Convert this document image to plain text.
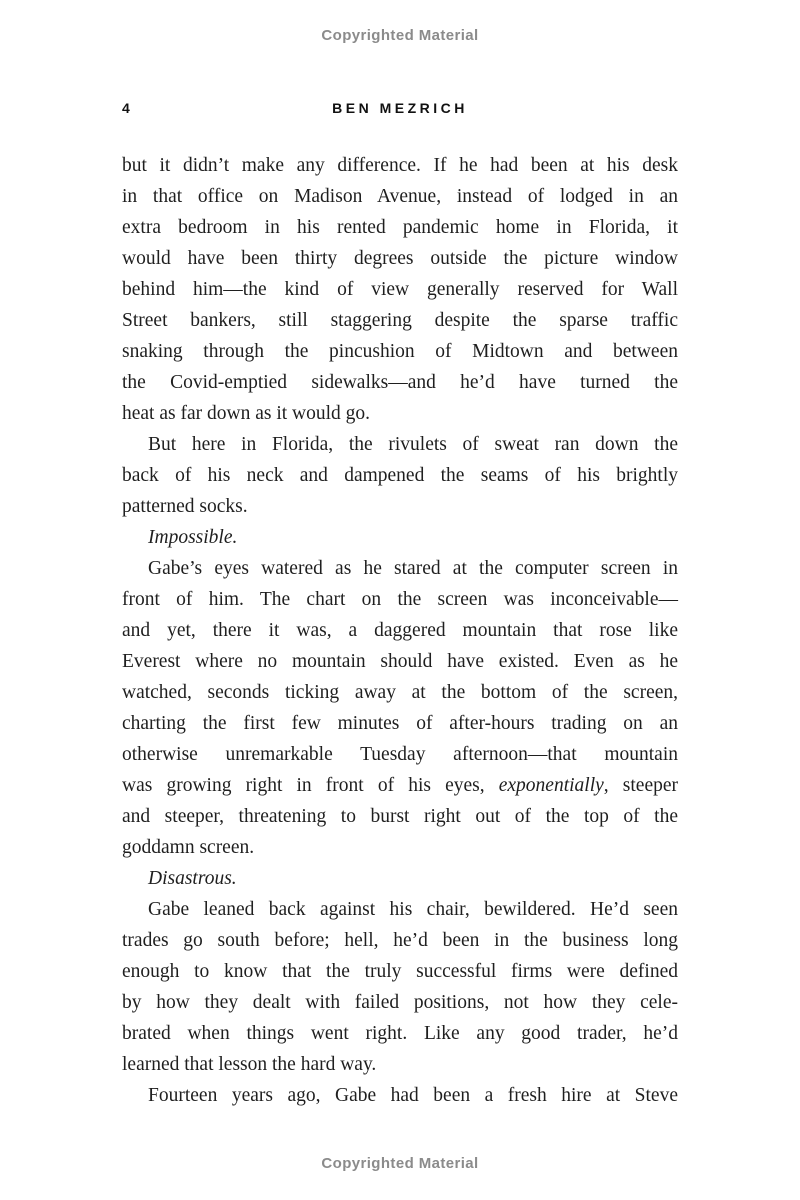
Copyrighted Material
4	BEN MEZRICH
but it didn’t make any difference. If he had been at his desk
in that office on Madison Avenue, instead of lodged in an
extra bedroom in his rented pandemic home in Florida, it
would have been thirty degrees outside the picture window
behind him—the kind of view generally reserved for Wall
Street bankers, still staggering despite the sparse traffic
snaking through the pincushion of Midtown and between
the Covid-emptied sidewalks—and he’d have turned the
heat as far down as it would go.
But here in Florida, the rivulets of sweat ran down the
back of his neck and dampened the seams of his brightly
patterned socks.
Impossible.
Gabe’s eyes watered as he stared at the computer screen in
front of him. The chart on the screen was inconceivable—
and yet, there it was, a daggered mountain that rose like
Everest where no mountain should have existed. Even as he
watched, seconds ticking away at the bottom of the screen,
charting the first few minutes of after-hours trading on an
otherwise unremarkable Tuesday afternoon—that mountain
was growing right in front of his eyes, exponentially, steeper
and steeper, threatening to burst right out of the top of the
goddamn screen.
Disastrous.
Gabe leaned back against his chair, bewildered. He’d seen
trades go south before; hell, he’d been in the business long
enough to know that the truly successful firms were defined
by how they dealt with failed positions, not how they cele-
brated when things went right. Like any good trader, he’d
learned that lesson the hard way.
Fourteen years ago, Gabe had been a fresh hire at Steve
Copyrighted Material
